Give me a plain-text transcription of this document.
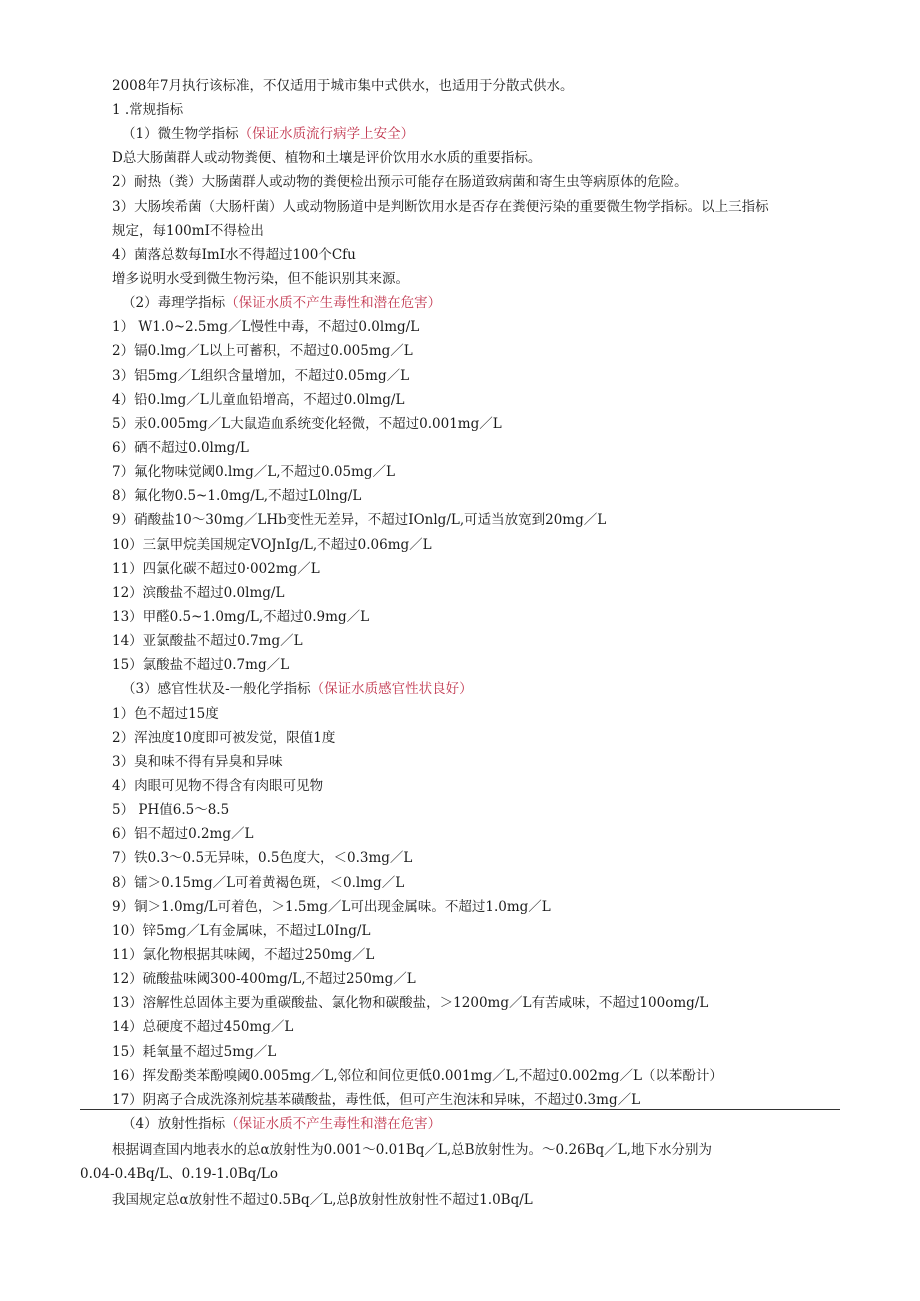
2008年7月执行该标准，不仅适用于城市集中式供水，也适用于分散式供水。
1 .常规指标
（1）微生物学指标（保证水质流行病学上安全）
D总大肠菌群人或动物粪便、植物和土壤是评价饮用水水质的重要指标。
2）耐热（粪）大肠菌群人或动物的粪便检出预示可能存在肠道致病菌和寄生虫等病原体的危险。
3）大肠埃希菌（大肠杆菌）人或动物肠道中是判断饮用水是否存在粪便污染的重要微生物学指标。以上三指标
规定，每100mI不得检出
4）菌落总数每ImI水不得超过100个Cfu
增多说明水受到微生物污染，但不能识别其来源。
（2）毒理学指标（保证水质不产生毒性和潜在危害）
1） W1.0~2.5mg／L慢性中毒，不超过0.0lmg/L
2）镉0.lmg／L以上可蓄积，不超过0.005mg／L
3）铝5mg／L组织含量增加，不超过0.05mg／L
4）铅0.lmg／L儿童血铅增高，不超过0.0lmg/L
5）汞0.005mg／L大鼠造血系统变化轻微，不超过0.001mg／L
6）硒不超过0.0lmg/L
7）氟化物味觉阈0.lmg／L,不超过0.05mg／L
8）氟化物0.5~1.0mg/L,不超过L0lng/L
9）硝酸盐10～30mg／LHb变性无差异，不超过IOnlg/L,可适当放宽到20mg／L
10）三氯甲烷美国规定VOJnIg/L,不超过0.06mg／L
11）四氯化碳不超过0·002mg／L
12）滨酸盐不超过0.0lmg/L
13）甲醛0.5~1.0mg/L,不超过0.9mg／L
14）亚氯酸盐不超过0.7mg／L
15）氯酸盐不超过0.7mg／L
（3）感官性状及-一般化学指标（保证水质感官性状良好）
1）色不超过15度
2）浑浊度10度即可被发觉，限值1度
3）臭和味不得有异臭和异味
4）肉眼可见物不得含有肉眼可见物
5） PH值6.5～8.5
6）铝不超过0.2mg／L
7）铁0.3～0.5无异味，0.5色度大，＜0.3mg／L
8）镭＞0.15mg／L可着黄褐色斑，＜0.lmg／L
9）铜＞1.0mg/L可着色，＞1.5mg／L可出现金属味。不超过1.0mg／L
10）锌5mg／L有金属味，不超过L0Ing/L
11）氯化物根据其味阈，不超过250mg／L
12）硫酸盐味阈300-400mg/L,不超过250mg／L
13）溶解性总固体主要为重碳酸盐、氯化物和碳酸盐，＞1200mg／L有苦咸味，不超过100omg/L
14）总硬度不超过450mg／L
15）耗氧量不超过5mg／L
16）挥发酚类苯酚嗅阈0.005mg／L,邻位和间位更低0.001mg／L,不超过0.002mg／L（以苯酚计）
17）阴离子合成洗涤剂烷基苯磺酸盐，毒性低，但可产生泡沫和异味，不超过0.3mg／L
（4）放射性指标（保证水质不产生毒性和潜在危害）
根据调查国内地表水的总α放射性为0.001～0.01Bq／L,总B放射性为。～0.26Bq／L,地下水分别为
0.04-0.4Bq/L、0.19-1.0Bq/Lo
我国规定总α放射性不超过0.5Bq／L,总β放射性放射性不超过1.0Bq/L
